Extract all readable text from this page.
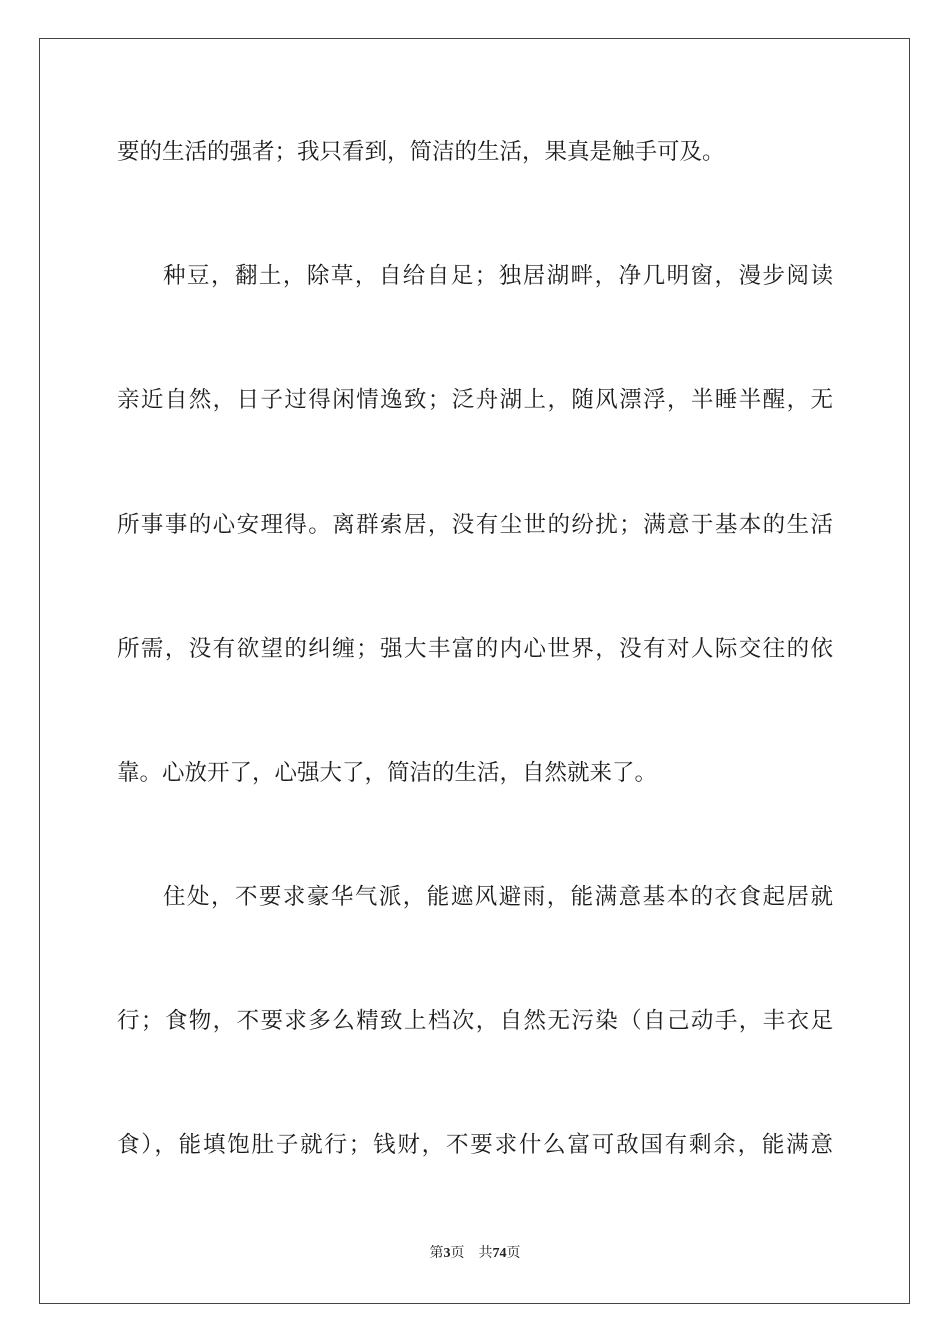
要的生活的强者；我只看到，简洁的生活，果真是触手可及。
种豆，翻土，除草，自给自足；独居湖畔，净几明窗，漫步阅读
亲近自然，日子过得闲情逸致；泛舟湖上，随风漂浮，半睡半醒，无
所事事的心安理得。离群索居，没有尘世的纷扰；满意于基本的生活
所需，没有欲望的纠缠；强大丰富的内心世界，没有对人际交往的依
靠。心放开了，心强大了，简洁的生活，自然就来了。
住处，不要求豪华气派，能遮风避雨，能满意基本的衣食起居就
行；食物，不要求多么精致上档次，自然无污染（自己动手，丰衣足
食），能填饱肚子就行；钱财，不要求什么富可敌国有剩余，能满意
第3页 共74页
